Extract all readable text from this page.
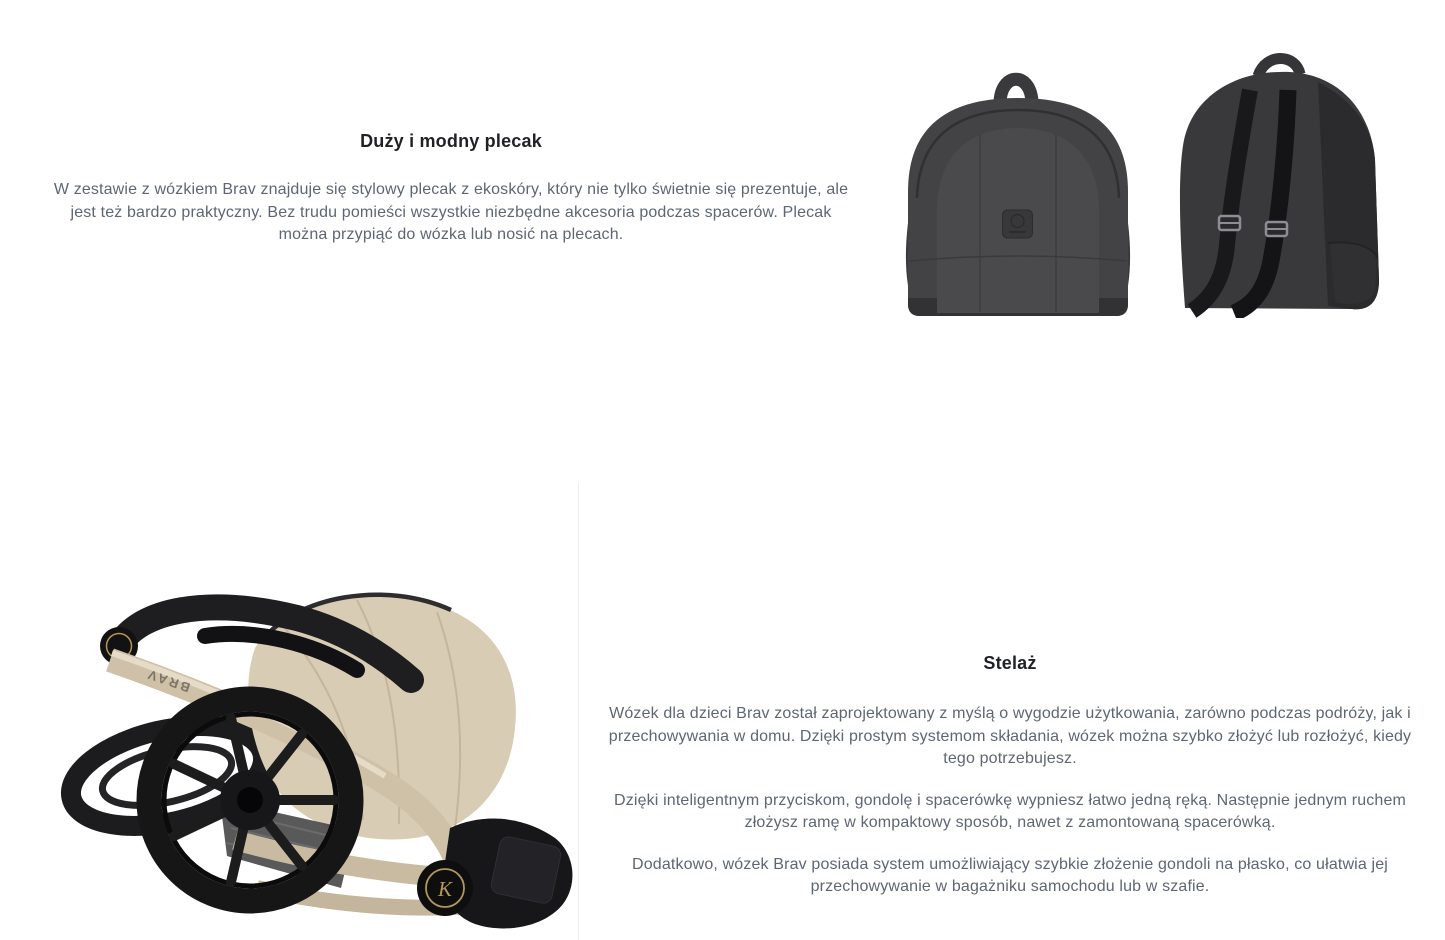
Duży i modny plecak

W zestawie z wózkiem Brav znajduje się stylowy plecak z ekoskóry, który nie tylko świetnie się prezentuje, ale jest też bardzo praktyczny. Bez trudu pomieści wszystkie niezbędne akcesoria podczas spacerów. Plecak można przypiąć do wózka lub nosić na plecach.

BRAV
K
Stelaż

Wózek dla dzieci Brav został zaprojektowany z myślą o wygodzie użytkowania, zarówno podczas podróży, jak i przechowywania w domu. Dzięki prostym systemom składania, wózek można szybko złożyć lub rozłożyć, kiedy tego potrzebujesz.

Dzięki inteligentnym przyciskom, gondolę i spacerówkę wypniesz łatwo jedną ręką. Następnie jednym ruchem złożysz ramę w kompaktowy sposób, nawet z zamontowaną spacerówką.

Dodatkowo, wózek Brav posiada system umożliwiający szybkie złożenie gondoli na płasko, co ułatwia jej przechowywanie w bagażniku samochodu lub w szafie.
